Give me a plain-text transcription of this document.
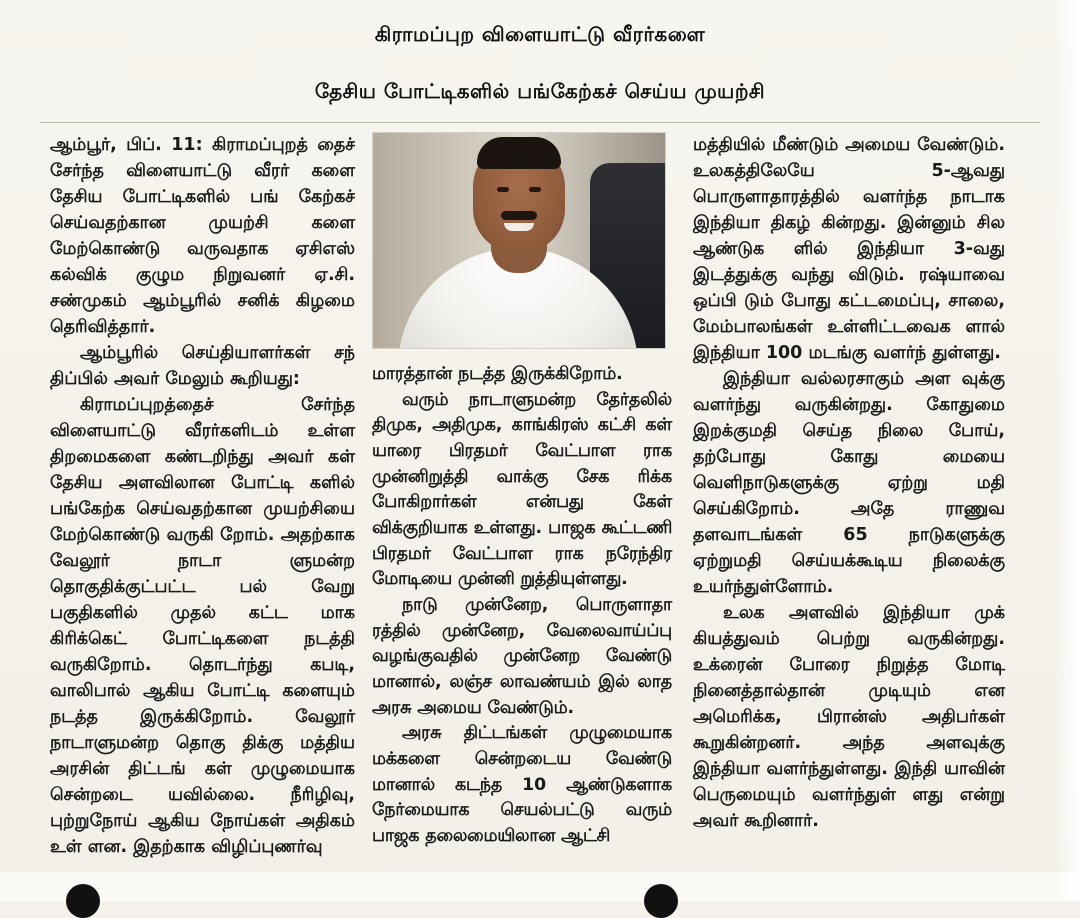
கிராமப்புற விளையாட்டு வீரர்களை
தேசிய போட்டிகளில் பங்கேற்கச் செய்ய முயற்சி

ஆம்பூர், பிப். 11: கிராமப்புறத் தைச் சேர்ந்த விளையாட்டு வீரர் களை தேசிய போட்டிகளில் பங் கேற்கச் செய்வதற்கான முயற்சி களை மேற்கொண்டு வருவதாக ஏசிஎஸ் கல்விக் குழும நிறுவனர் ஏ.சி. சண்முகம் ஆம்பூரில் சனிக் கிழமை தெரிவித்தார்.

ஆம்பூரில் செய்தியாளர்கள் சந் திப்பில் அவர் மேலும் கூறியது:

கிராமப்புறத்தைச் சேர்ந்த விளையாட்டு வீரர்களிடம் உள்ள திறமைகளை கண்டறிந்து அவர் கள் தேசிய அளவிலான போட்டி களில் பங்கேற்க செய்வதற்கான முயற்சியை மேற்கொண்டு வருகி றோம். அதற்காக வேலூர் நாடா ளுமன்ற தொகுதிக்குட்பட்ட பல் வேறு பகுதிகளில் முதல் கட்ட மாக கிரிக்கெட் போட்டிகளை நடத்தி வருகிறோம். தொடர்ந்து கபடி, வாலிபால் ஆகிய போட்டி களையும் நடத்த இருக்கிறோம். வேலூர் நாடாளுமன்ற தொகு திக்கு மத்திய அரசின் திட்டங் கள் முழுமையாக சென்றடை யவில்லை. நீரிழிவு, புற்றுநோய் ஆகிய நோய்கள் அதிகம் உள் ளன. இதற்காக விழிப்புணர்வு

மாரத்தான் நடத்த இருக்கிறோம்.

வரும் நாடாளுமன்ற தேர்தலில் திமுக, அதிமுக, காங்கிரஸ் கட்சி கள் யாரை பிரதமர் வேட்பாள ராக முன்னிறுத்தி வாக்கு சேக ரிக்க போகிறார்கள் என்பது கேள் விக்குறியாக உள்ளது. பாஜக கூட்டணி பிரதமர் வேட்பாள ராக நரேந்திர மோடியை முன்னி றுத்தியுள்ளது.

நாடு முன்னேற, பொருளாதா ரத்தில் முன்னேற, வேலைவாய்ப்பு வழங்குவதில் முன்னேற வேண்டு மானால், லஞ்ச லாவண்யம் இல் லாத அரசு அமைய வேண்டும்.

அரசு திட்டங்கள் முழுமையாக மக்களை சென்றடைய வேண்டு மானால் கடந்த 10 ஆண்டுகளாக நேர்மையாக செயல்பட்டு வரும் பாஜக தலைமையிலான ஆட்சி

மத்தியில் மீண்டும் அமைய வேண்டும். உலகத்திலேயே 5-ஆவது பொருளாதாரத்தில் வளர்ந்த நாடாக இந்தியா திகழ் கின்றது. இன்னும் சில ஆண்டுக ளில் இந்தியா 3-வது இடத்துக்கு வந்து விடும். ரஷ்யாவை ஒப்பி டும் போது கட்டமைப்பு, சாலை, மேம்பாலங்கள் உள்ளிட்டவைக ளால் இந்தியா 100 மடங்கு வளர்ந் துள்ளது.

இந்தியா வல்லரசாகும் அள வுக்கு வளர்ந்து வருகின்றது. கோதுமை இறக்குமதி செய்த நிலை போய், தற்போது கோது மையை வெளிநாடுகளுக்கு ஏற்று மதி செய்கிறோம். அதே ராணுவ தளவாடங்கள் 65 நாடுகளுக்கு ஏற்றுமதி செய்யக்கூடிய நிலைக்கு உயர்ந்துள்ளோம்.

உலக அளவில் இந்தியா முக் கியத்துவம் பெற்று வருகின்றது. உக்ரைன் போரை நிறுத்த மோடி நினைத்தால்தான் முடியும் என அமெரிக்க, பிரான்ஸ் அதிபர்கள் கூறுகின்றனர். அந்த அளவுக்கு இந்தியா வளர்ந்துள்ளது. இந்தி யாவின் பெருமையும் வளர்ந்துள் ளது என்று அவர் கூறினார்.
